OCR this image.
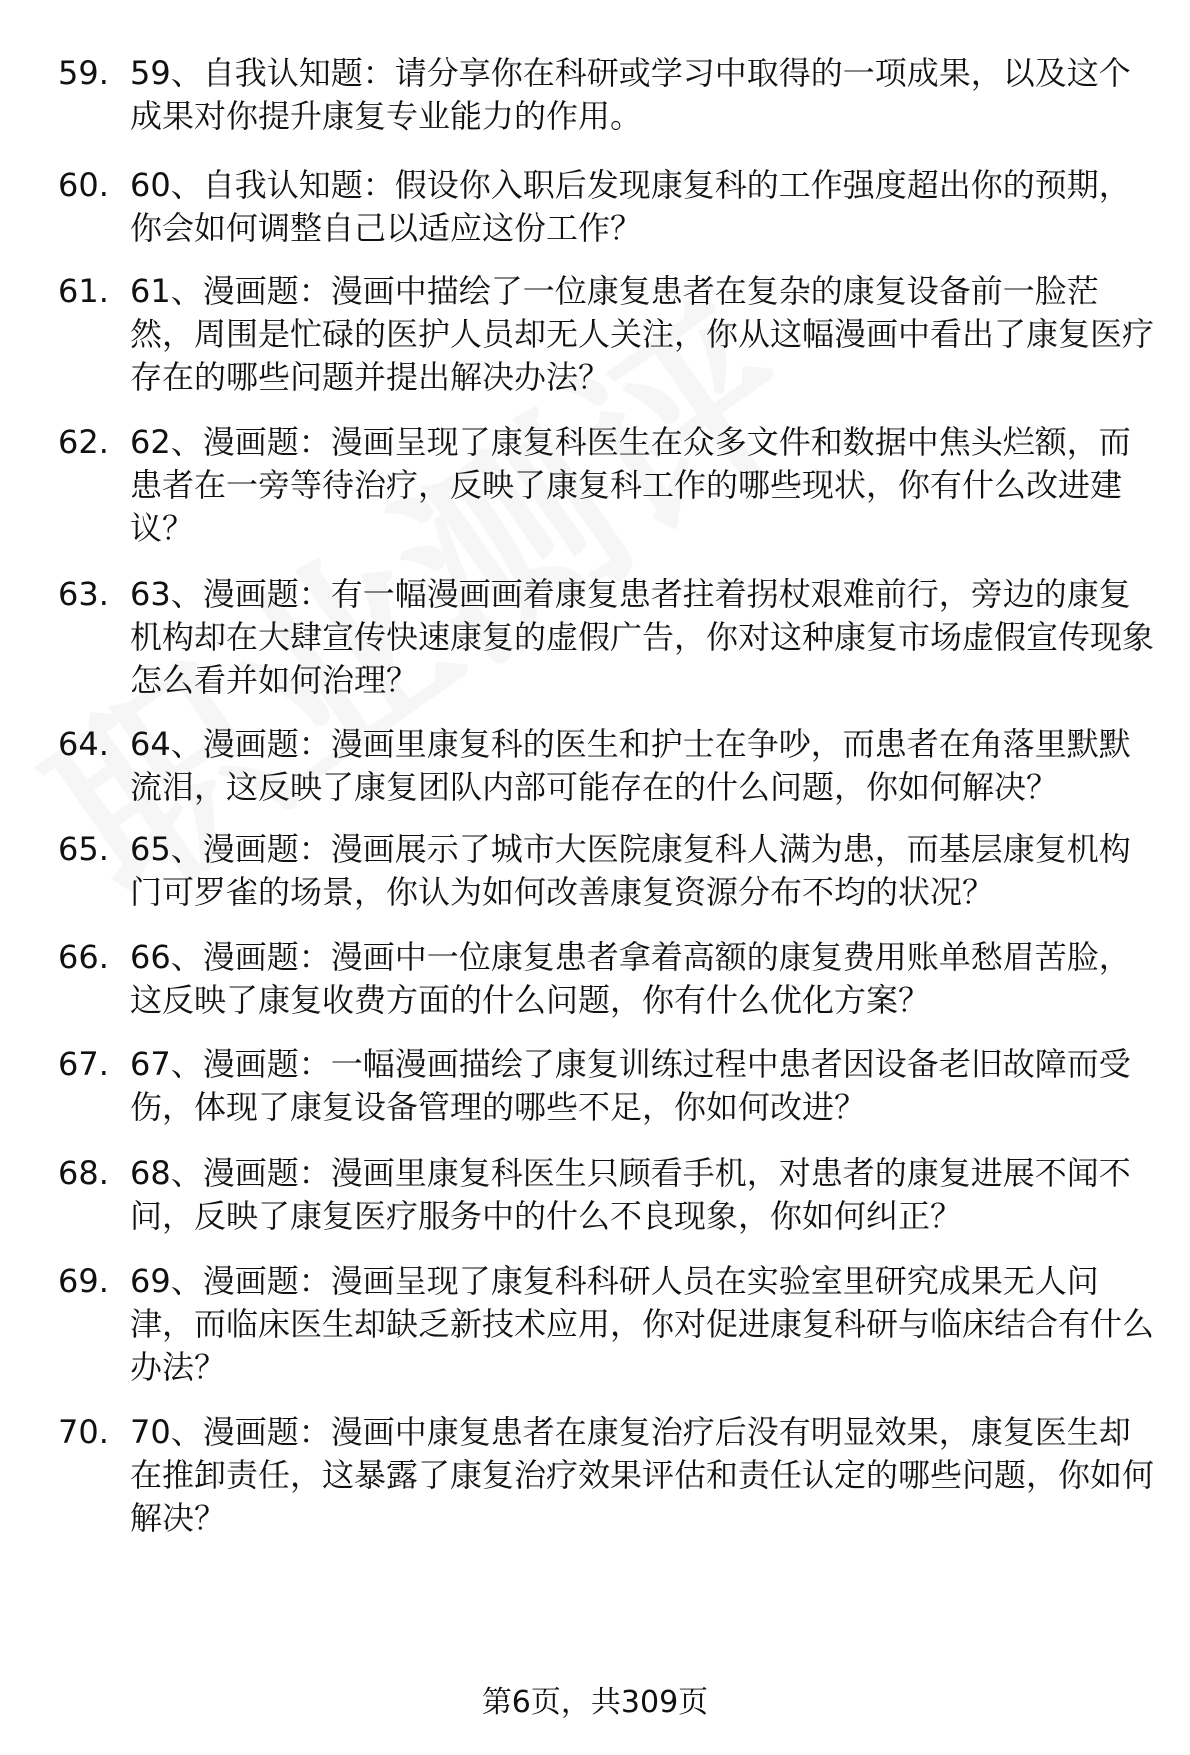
59. 59、自我认知题：请分享你在科研或学习中取得的一项成果，以及这个成果对你提升康复专业能力的作用。
60. 60、自我认知题：假设你入职后发现康复科的工作强度超出你的预期，你会如何调整自己以适应这份工作？
61. 61、漫画题：漫画中描绘了一位康复患者在复杂的康复设备前一脸茫然，周围是忙碌的医护人员却无人关注，你从这幅漫画中看出了康复医疗存在的哪些问题并提出解决办法？
62. 62、漫画题：漫画呈现了康复科医生在众多文件和数据中焦头烂额，而患者在一旁等待治疗，反映了康复科工作的哪些现状，你有什么改进建议？
63. 63、漫画题：有一幅漫画画着康复患者拄着拐杖艰难前行，旁边的康复机构却在大肆宣传快速康复的虚假广告，你对这种康复市场虚假宣传现象怎么看并如何治理？
64. 64、漫画题：漫画里康复科的医生和护士在争吵，而患者在角落里默默流泪，这反映了康复团队内部可能存在的什么问题，你如何解决？
65. 65、漫画题：漫画展示了城市大医院康复科人满为患，而基层康复机构门可罗雀的场景，你认为如何改善康复资源分布不均的状况？
66. 66、漫画题：漫画中一位康复患者拿着高额的康复费用账单愁眉苦脸，这反映了康复收费方面的什么问题，你有什么优化方案？
67. 67、漫画题：一幅漫画描绘了康复训练过程中患者因设备老旧故障而受伤，体现了康复设备管理的哪些不足，你如何改进？
68. 68、漫画题：漫画里康复科医生只顾看手机，对患者的康复进展不闻不问，反映了康复医疗服务中的什么不良现象，你如何纠正？
69. 69、漫画题：漫画呈现了康复科科研人员在实验室里研究成果无人问津，而临床医生却缺乏新技术应用，你对促进康复科研与临床结合有什么办法？
70. 70、漫画题：漫画中康复患者在康复治疗后没有明显效果，康复医生却在推卸责任，这暴露了康复治疗效果评估和责任认定的哪些问题，你如何解决？
第6页，共309页
